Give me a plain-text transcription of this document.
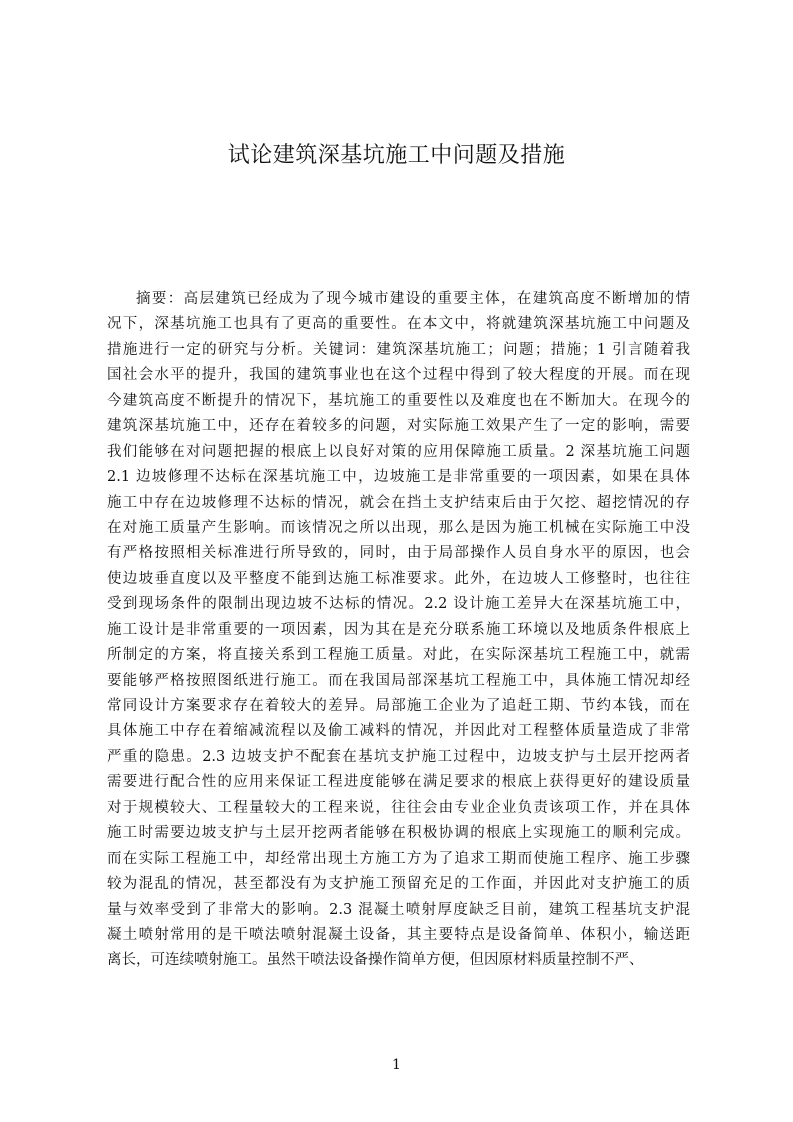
试论建筑深基坑施工中问题及措施
摘要：高层建筑已经成为了现今城市建设的重要主体，在建筑高度不断增加的情
况下，深基坑施工也具有了更高的重要性。在本文中，将就建筑深基坑施工中问题及
措施进行一定的研究与分析。关键词：建筑深基坑施工；问题；措施；1 引言随着我
国社会水平的提升，我国的建筑事业也在这个过程中得到了较大程度的开展。而在现
今建筑高度不断提升的情况下，基坑施工的重要性以及难度也在不断加大。在现今的
建筑深基坑施工中，还存在着较多的问题，对实际施工效果产生了一定的影响，需要
我们能够在对问题把握的根底上以良好对策的应用保障施工质量。2 深基坑施工问题
2.1 边坡修理不达标在深基坑施工中，边坡施工是非常重要的一项因素，如果在具体
施工中存在边坡修理不达标的情况，就会在挡土支护结束后由于欠挖、超挖情况的存
在对施工质量产生影响。而该情况之所以出现，那么是因为施工机械在实际施工中没
有严格按照相关标准进行所导致的，同时，由于局部操作人员自身水平的原因，也会
使边坡垂直度以及平整度不能到达施工标准要求。此外，在边坡人工修整时，也往往
受到现场条件的限制出现边坡不达标的情况。2.2 设计施工差异大在深基坑施工中，
施工设计是非常重要的一项因素，因为其在是充分联系施工环境以及地质条件根底上
所制定的方案，将直接关系到工程施工质量。对此，在实际深基坑工程施工中，就需
要能够严格按照图纸进行施工。而在我国局部深基坑工程施工中，具体施工情况却经
常同设计方案要求存在着较大的差异。局部施工企业为了追赶工期、节约本钱，而在
具体施工中存在着缩减流程以及偷工减料的情况，并因此对工程整体质量造成了非常
严重的隐患。2.3 边坡支护不配套在基坑支护施工过程中，边坡支护与土层开挖两者
需要进行配合性的应用来保证工程进度能够在满足要求的根底上获得更好的建设质量
对于规模较大、工程量较大的工程来说，往往会由专业企业负责该项工作，并在具体
施工时需要边坡支护与土层开挖两者能够在积极协调的根底上实现施工的顺利完成。
而在实际工程施工中，却经常出现土方施工方为了追求工期而使施工程序、施工步骤
较为混乱的情况，甚至都没有为支护施工预留充足的工作面，并因此对支护施工的质
量与效率受到了非常大的影响。2.3 混凝土喷射厚度缺乏目前，建筑工程基坑支护混
凝土喷射常用的是干喷法喷射混凝土设备，其主要特点是设备简单、体积小，输送距
离长，可连续喷射施工。虽然干喷法设备操作简单方便，但因原材料质量控制不严、
1
